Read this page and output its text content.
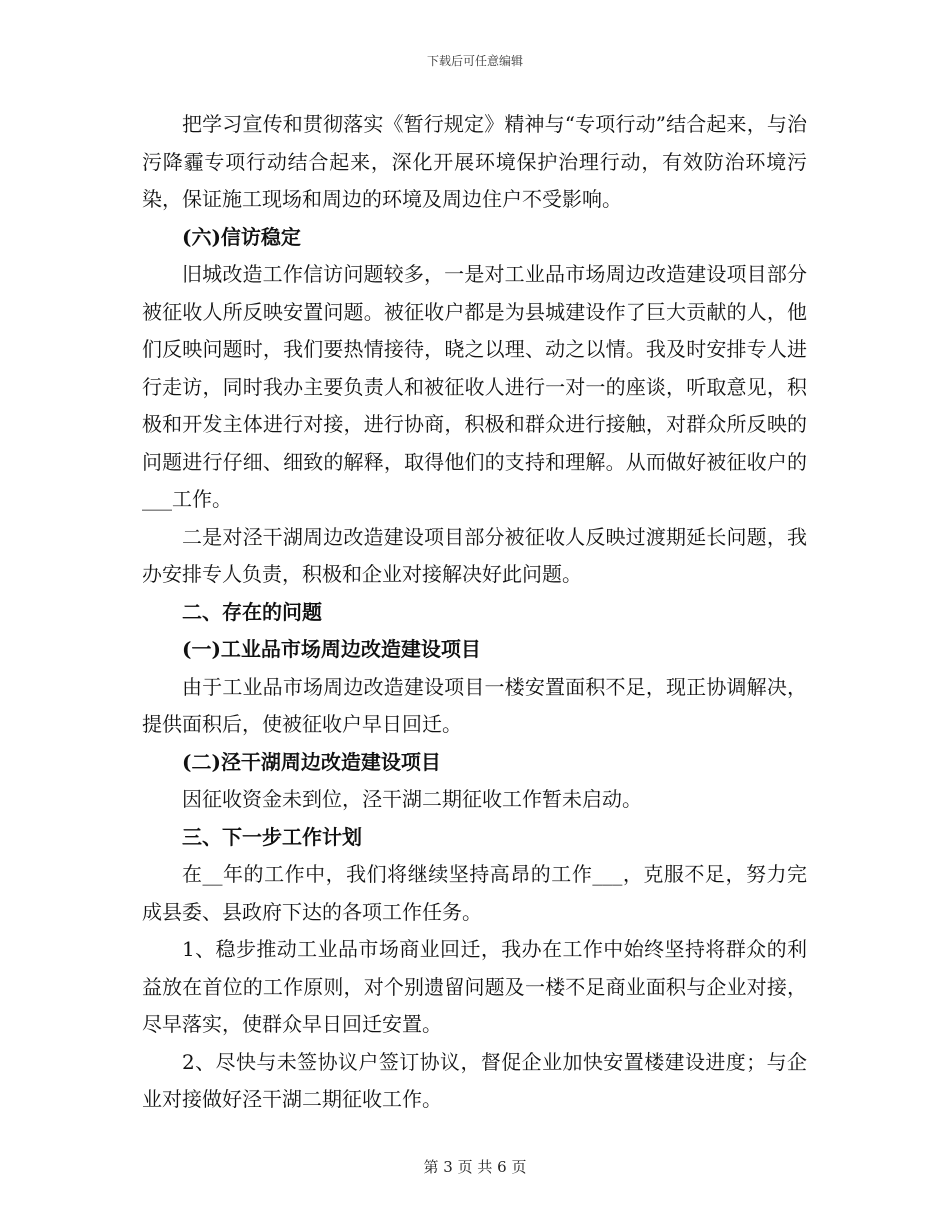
下载后可任意编辑

把学习宣传和贯彻落实《暂行规定》精神与“专项行动”结合起来，与治污降霾专项行动结合起来，深化开展环境保护治理行动，有效防治环境污染，保证施工现场和周边的环境及周边住户不受影响。

(六)信访稳定

旧城改造工作信访问题较多，一是对工业品市场周边改造建设项目部分被征收人所反映安置问题。被征收户都是为县城建设作了巨大贡献的人，他们反映问题时，我们要热情接待，晓之以理、动之以情。我及时安排专人进行走访，同时我办主要负责人和被征收人进行一对一的座谈，听取意见，积极和开发主体进行对接，进行协商，积极和群众进行接触，对群众所反映的问题进行仔细、细致的解释，取得他们的支持和理解。从而做好被征收户的___工作。

二是对泾干湖周边改造建设项目部分被征收人反映过渡期延长问题，我办安排专人负责，积极和企业对接解决好此问题。

二、存在的问题

(一)工业品市场周边改造建设项目

由于工业品市场周边改造建设项目一楼安置面积不足，现正协调解决，提供面积后，使被征收户早日回迁。

(二)泾干湖周边改造建设项目

因征收资金未到位，泾干湖二期征收工作暂未启动。

三、下一步工作计划

在__年的工作中，我们将继续坚持高昂的工作___，克服不足，努力完成县委、县政府下达的各项工作任务。

1、稳步推动工业品市场商业回迁，我办在工作中始终坚持将群众的利益放在首位的工作原则，对个别遗留问题及一楼不足商业面积与企业对接，尽早落实，使群众早日回迁安置。

2、尽快与未签协议户签订协议，督促企业加快安置楼建设进度；与企业对接做好泾干湖二期征收工作。

第 3 页 共 6 页
